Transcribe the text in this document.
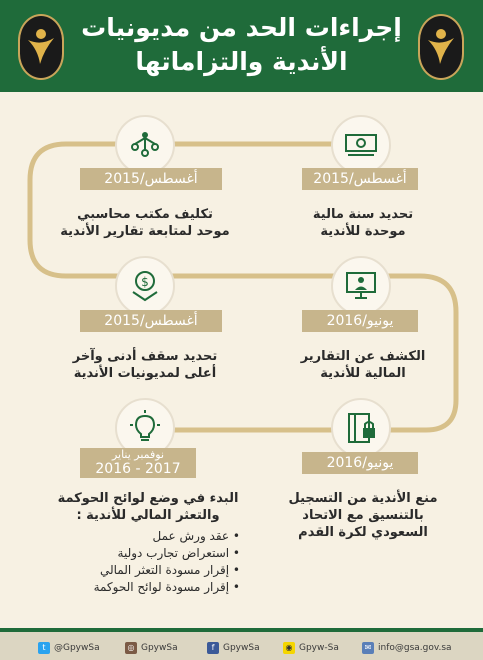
إجراءات الحد من مديونيات
الأندية والتزاماتها
أغسطس/2015
تحديد سنة مالية
موحدة للأندية
أغسطس/2015
تكليف مكتب محاسبي
موحد لمتابعة تقارير الأندية
يونيو/2016
الكشف عن التقارير
المالية للأندية
$
أغسطس/2015
تحديد سقف أدنى وآخر
أعلى لمديونيات الأندية
يونيو/2016
منع الأندية من التسجيل
بالتنسيق مع الاتحاد
السعودي لكرة القدم
نوفمبر يناير
2016 - 2017
البدء في وضع لوائح الحوكمة
والتعثر المالي للأندية :
• عقد ورش عمل
• استعراض تجارب دولية
• إقرار مسودة التعثر المالي
• إقرار مسودة لوائح الحوكمة
t @GpywSa	◎ GpywSa	f GpywSa	◉ Gpyw-Sa	✉ info@gsa.gov.sa
